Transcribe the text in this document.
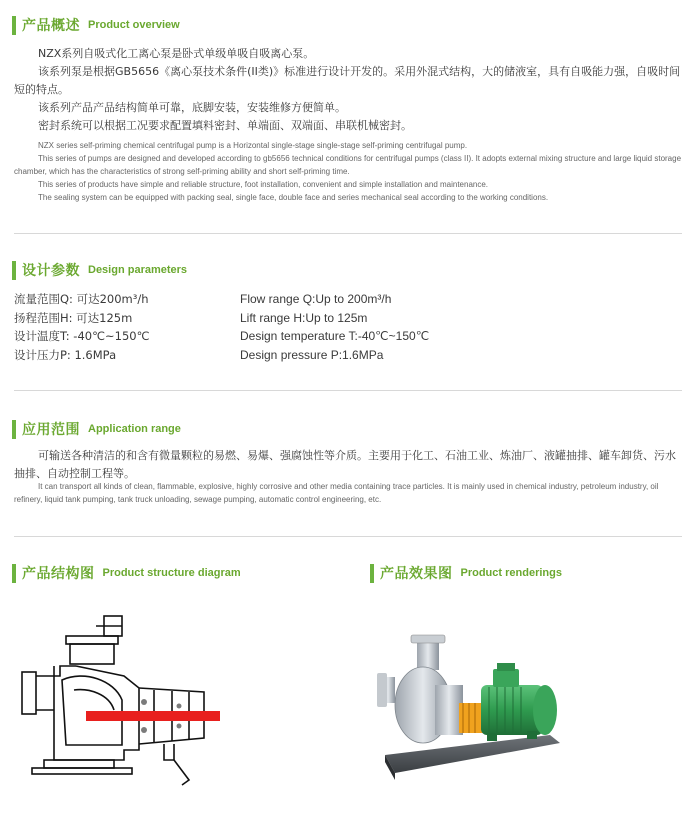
产品概述 Product overview
NZX系列自吸式化工离心泵是卧式单级单吸自吸离心泵。
该系列泵是根据GB5656《离心泵技术条件(II类)》标准进行设计开发的。采用外混式结构，大的储液室，具有自吸能力强，自吸时间短的特点。
该系列产品产品结构简单可靠，底脚安装，安装维修方便简单。
密封系统可以根据工况要求配置填料密封、单端面、双端面、串联机械密封。
NZX series self-priming chemical centrifugal pump is a Horizontal single-stage single-stage self-priming centrifugal pump.
This series of pumps are designed and developed according to gb5656 technical conditions for centrifugal pumps (class II). It adopts external mixing structure and large liquid storage chamber, which has the characteristics of strong self-priming ability and short self-priming time.
This series of products have simple and reliable structure, foot installation, convenient and simple installation and maintenance.
The sealing system can be equipped with packing seal, single face, double face and series mechanical seal according to the working conditions.
设计参数 Design parameters
流量范围Q: 可达200m³/h
扬程范围H: 可达125m
设计温度T: -40℃~150℃
设计压力P: 1.6MPa
Flow range Q:Up to 200m³/h
Lift range H:Up to 125m
Design temperature T:-40℃~150℃
Design pressure P:1.6MPa
应用范围 Application range
可输送各种清洁的和含有微量颗粒的易燃、易爆、强腐蚀性等介质。主要用于化工、石油工业、炼油厂、液罐抽排、罐车卸货、污水抽排、自动控制工程等。
It can transport all kinds of clean, flammable, explosive, highly corrosive and other media containing trace particles. It is mainly used in chemical industry, petroleum industry, oil refinery, liquid tank pumping, tank truck unloading, sewage pumping, automatic control engineering, etc.
产品结构图 Product structure diagram	产品效果图 Product renderings
